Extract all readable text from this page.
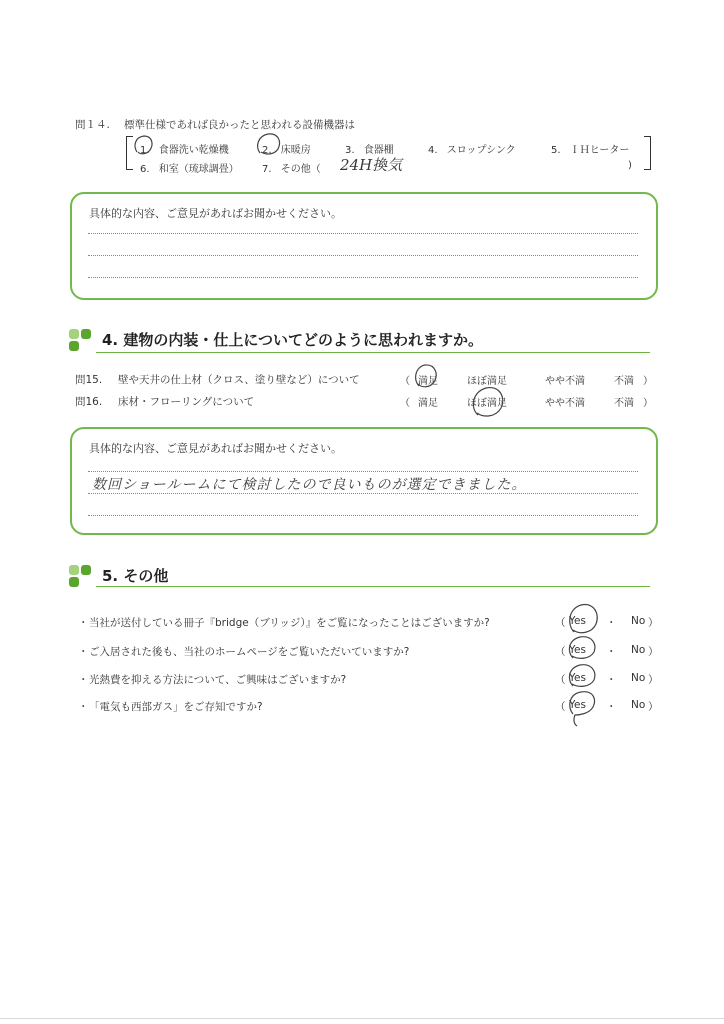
問１４. 標準仕様であれば良かったと思われる設備機器は
1. 食器洗い乾燥機	2. 床暖房	3. 食器棚	4. スロップシンク	5. ＩＨヒーター
6. 和室（琉球調畳） 7. その他（ 24H換気	)
具体的な内容、ご意見があればお聞かせください。
4. 建物の内装・仕上についてどのように思われますか。
問15. 壁や天井の仕上材（クロス、塗り壁など）について	（ 満足	ほぼ満足	やや不満	不満 ）
問16. 床材・フローリングについて	（ 満足	ほぼ満足	やや不満	不満 ）
具体的な内容、ご意見があればお聞かせください。
数回ショールームにて検討したので良いものが選定できました。
5. その他
・ 当社が送付している冊子『bridge（ブリッジ）』をご覧になったことはございますか?	（ Yes ・ No ）
・ ご入居された後も、当社のホームページをご覧いただいていますか?	（ Yes ・ No ）
・ 光熱費を抑える方法について、ご興味はございますか?	（ Yes ・ No ）
・ 「電気も西部ガス」をご存知ですか?	（ Yes ・ No ）
